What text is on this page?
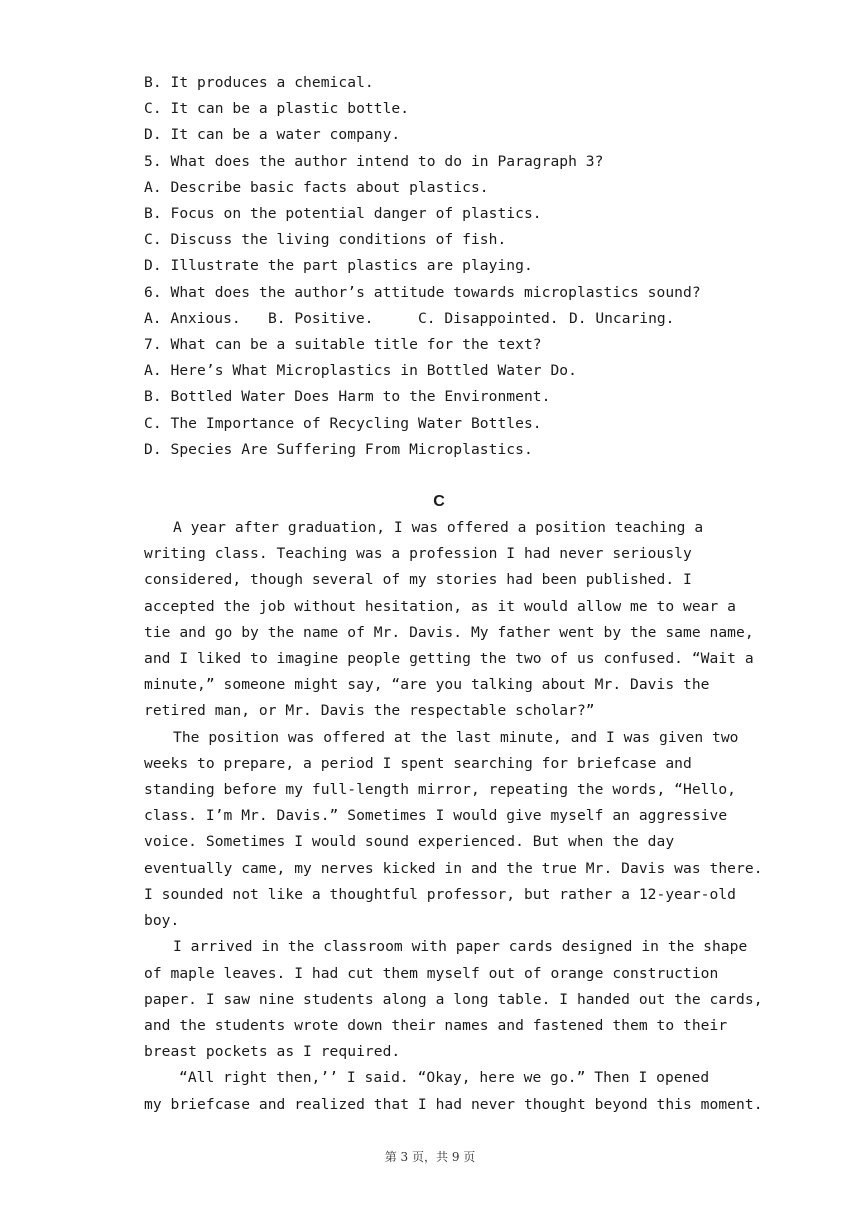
B. It produces a chemical.

C. It can be a plastic bottle.

D. It can be a water company.

5. What does the author intend to do in Paragraph 3?

A. Describe basic facts about plastics.

B. Focus on the potential danger of plastics.

C. Discuss the living conditions of fish.

D. Illustrate the part plastics are playing.

6. What does the author’s attitude towards microplastics sound?

A. Anxious.	B. Positive.	C. Disappointed. D. Uncaring.

7. What can be a suitable title for the text?

A. Here’s What Microplastics in Bottled Water Do.

B. Bottled Water Does Harm to the Environment.

C. The Importance of Recycling Water Bottles.

D. Species Are Suffering From Microplastics.

C

A year after graduation, I was offered a position teaching a

writing class. Teaching was a profession I had never seriously

considered, though several of my stories had been published. I

accepted the job without hesitation, as it would allow me to wear a

tie and go by the name of Mr. Davis. My father went by the same name,

and I liked to imagine people getting the two of us confused. “Wait a

minute,” someone might say, “are you talking about Mr. Davis the

retired man, or Mr. Davis the respectable scholar?”

The position was offered at the last minute, and I was given two

weeks to prepare, a period I spent searching for briefcase and

standing before my full-length mirror, repeating the words, “Hello,

class. I’m Mr. Davis.” Sometimes I would give myself an aggressive

voice. Sometimes I would sound experienced. But when the day

eventually came, my nerves kicked in and the true Mr. Davis was there.

I sounded not like a thoughtful professor, but rather a 12-year-old

boy.

I arrived in the classroom with paper cards designed in the shape

of maple leaves. I had cut them myself out of orange construction

paper. I saw nine students along a long table. I handed out the cards,

and the students wrote down their names and fastened them to their

breast pockets as I required.

“All right then,’’ I said. “Okay, here we go.” Then I opened

my briefcase and realized that I had never thought beyond this moment.

第 3 页，共 9 页
